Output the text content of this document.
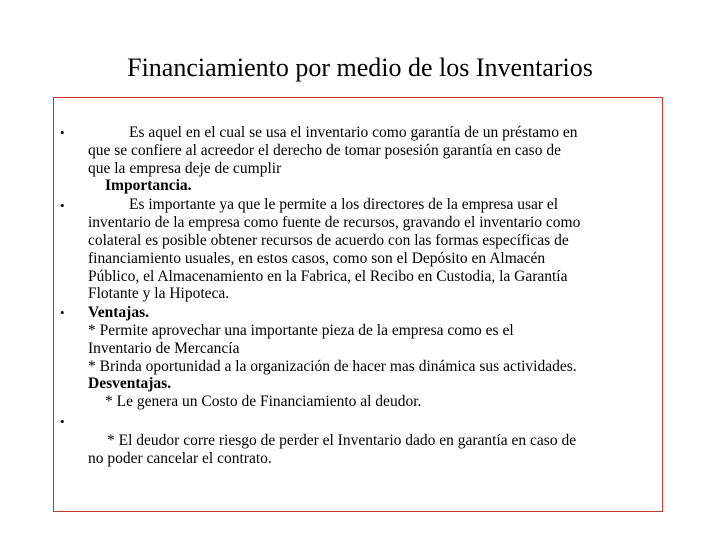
Financiamiento por medio de los Inventarios
•
•
•
•
Es aquel en el cual se usa el inventario como garantía de un préstamo en
que se confiere al acreedor el derecho de tomar posesión garantía en caso de
que la empresa deje de cumplir
Importancia.
Es importante ya que le permite a los directores de la empresa usar el
inventario de la empresa como fuente de recursos, gravando el inventario como
colateral es posible obtener recursos de acuerdo con las formas específicas de
financiamiento usuales, en estos casos, como son el Depósito en Almacén
Público, el Almacenamiento en la Fabrica, el Recibo en Custodia, la Garantía
Flotante y la Hipoteca.
Ventajas.
* Permite aprovechar una importante pieza de la empresa como es el
Inventario de Mercancía
* Brinda oportunidad a la organización de hacer mas dinámica sus actividades.
Desventajas.
* Le genera un Costo de Financiamiento al deudor.
* El deudor corre riesgo de perder el Inventario dado en garantía en caso de
no poder cancelar el contrato.
